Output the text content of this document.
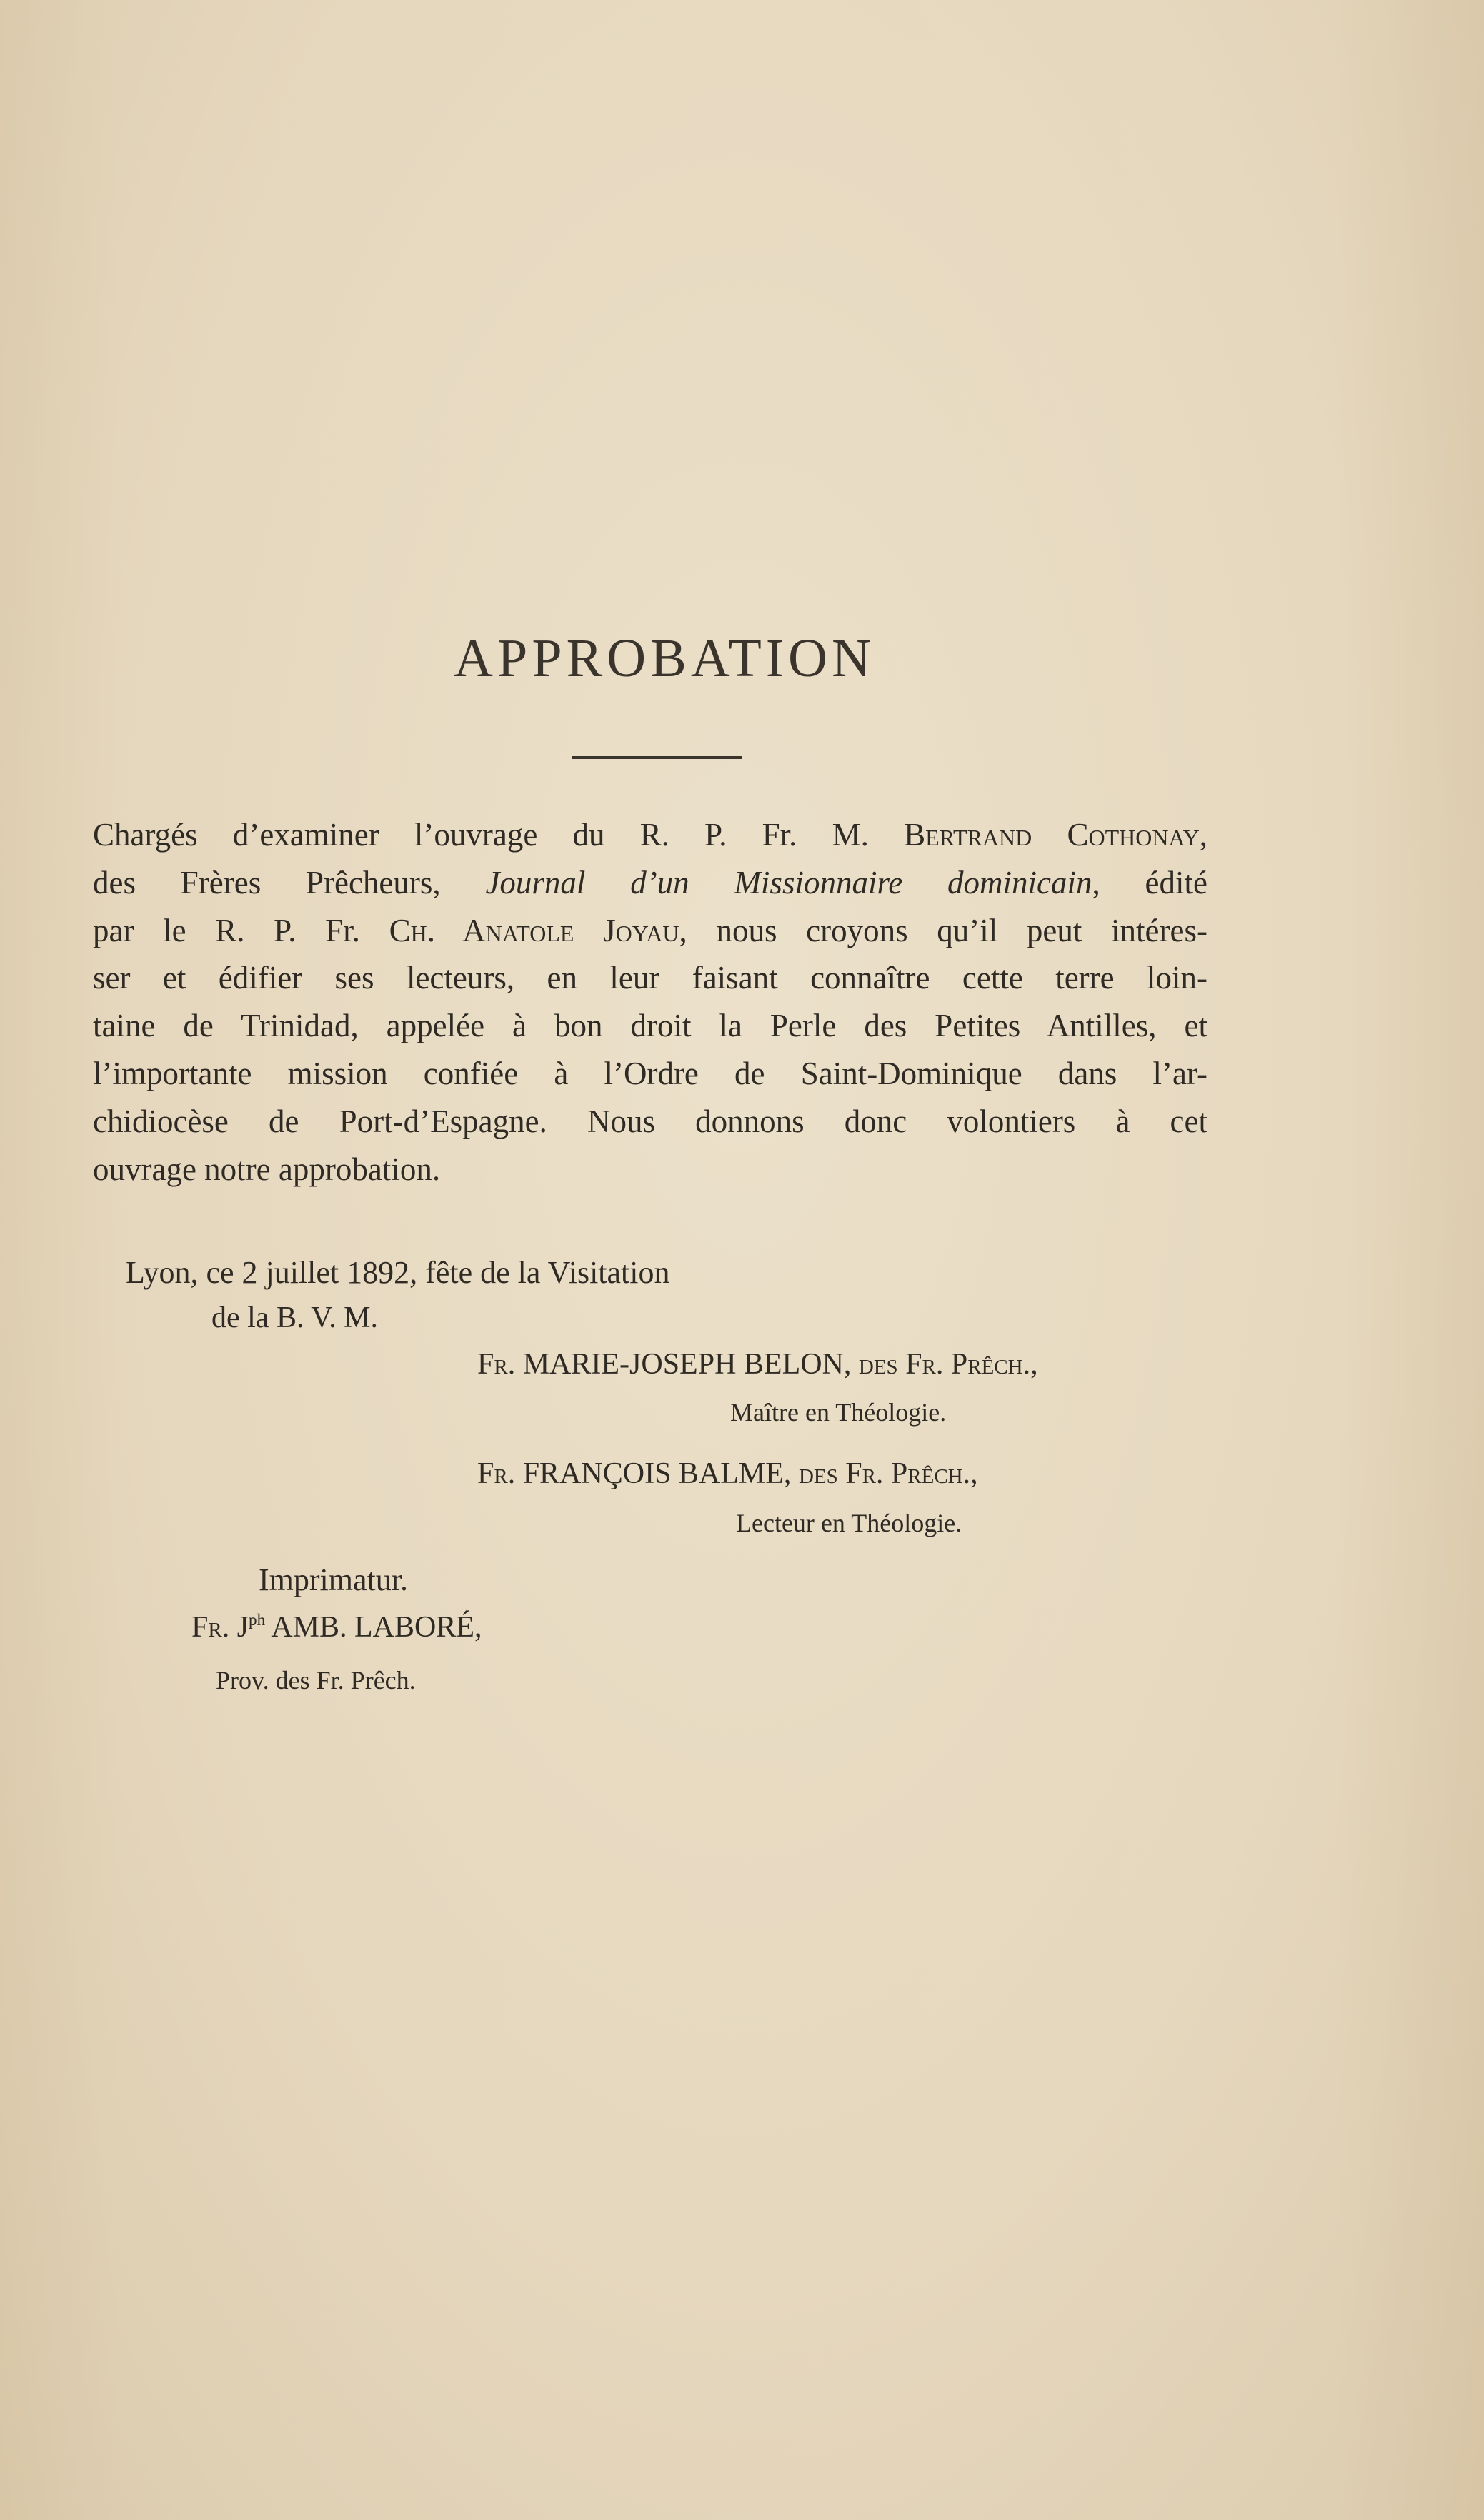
APPROBATION
Chargés d’examiner l’ouvrage du R. P. Fr. M. Bertrand Cothonay,
des Frères Prêcheurs, Journal d’un Missionnaire dominicain, édité
par le R. P. Fr. Ch. Anatole Joyau, nous croyons qu’il peut intéres-
ser et édifier ses lecteurs, en leur faisant connaître cette terre loin-
taine de Trinidad, appelée à bon droit la Perle des Petites Antilles, et
l’importante mission confiée à l’Ordre de Saint-Dominique dans l’ar-
chidiocèse de Port-d’Espagne. Nous donnons donc volontiers à cet
ouvrage notre approbation.
Lyon, ce 2 juillet 1892, fête de la Visitation
de la B. V. M.
Fr. MARIE-JOSEPH BELON, des Fr. Prêch.,
Maître en Théologie.
Fr. FRANÇOIS BALME, des Fr. Prêch.,
Lecteur en Théologie.
Imprimatur.
Fr. $J^{ph}$ AMB. LABORÉ,
Prov. des Fr. Prêch.
